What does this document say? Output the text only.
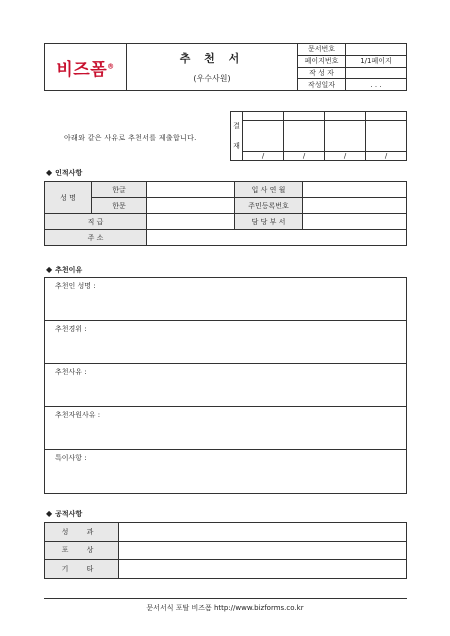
비즈폼®	추 천 서
(우수사원)	문서번호	
		페이지번호	1/1페이지
		작 성 자	
		작성일자	. . .
아래와 같은 사유로 추천서를 제출합니다.
결
재				

	/	/	/	/
◆ 인적사항
성 명	한글		입 사 연 월	
	한문		주민등록번호	
직 급			담 당 부 서	
주 소				
◆ 추천이유
추천인 성명 :
추천경위 :
추천사유 :
추천자원사유 :
특이사항 :
◆ 공적사항
성 과	
포 상	
기 타	
문서서식 포탈 비즈폼 http://www.bizforms.co.kr
